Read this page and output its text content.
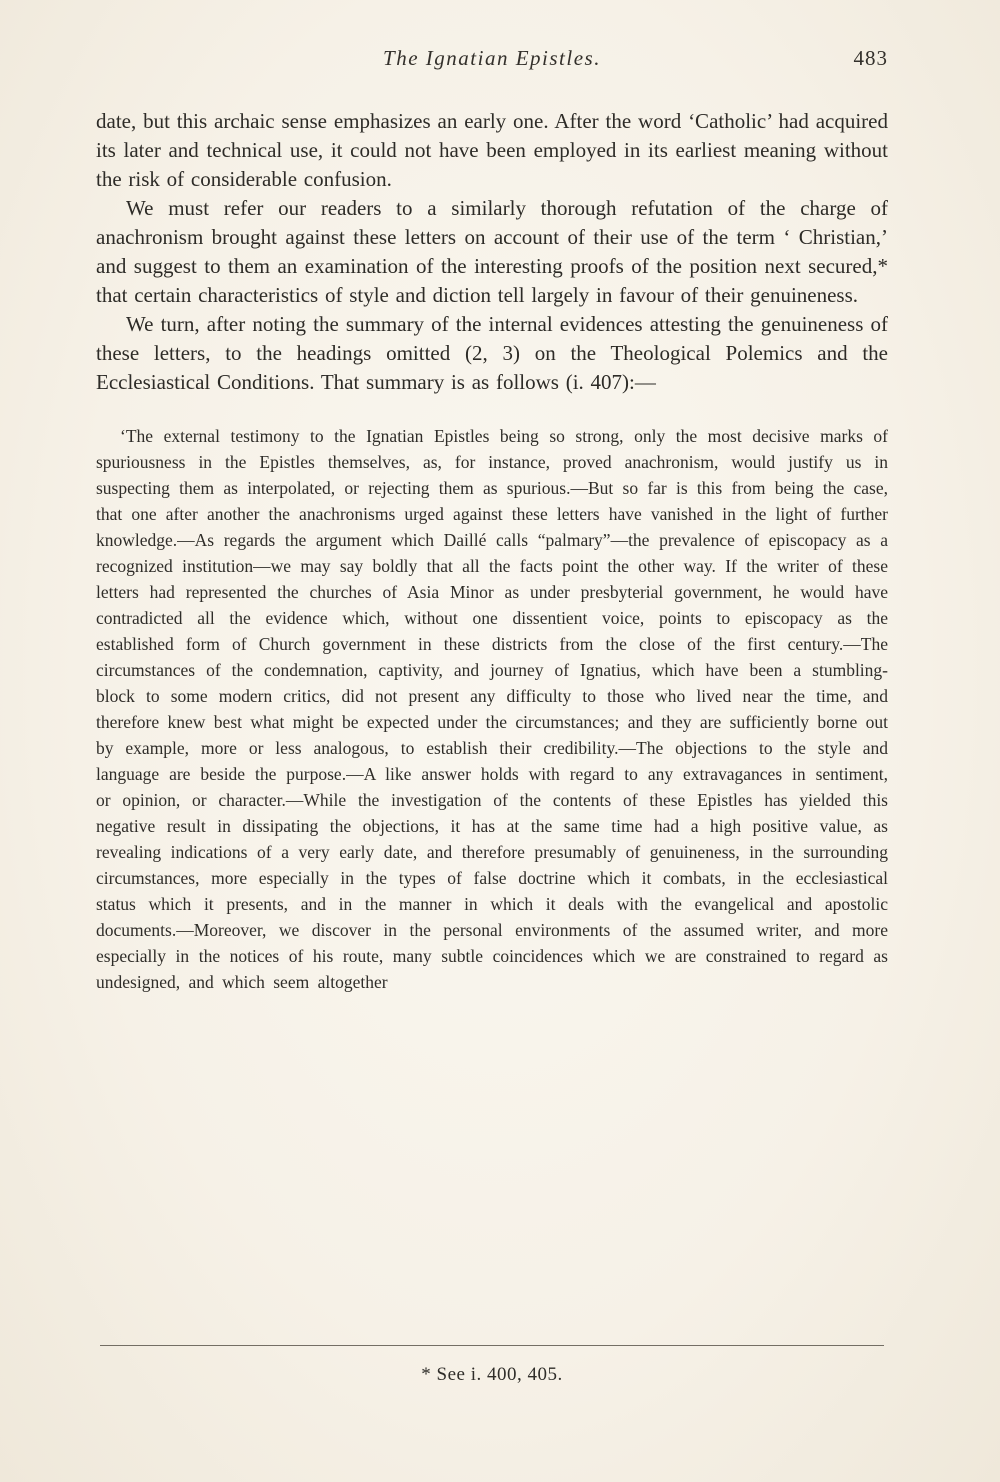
The Ignatian Epistles.	483

date, but this archaic sense emphasizes an early one. After the word ‘Catholic’ had acquired its later and technical use, it could not have been employed in its earliest meaning without the risk of considerable confusion.

We must refer our readers to a similarly thorough refutation of the charge of anachronism brought against these letters on account of their use of the term ‘ Christian,’ and suggest to them an examination of the interesting proofs of the position next secured,* that certain characteristics of style and diction tell largely in favour of their genuineness.

We turn, after noting the summary of the internal evidences attesting the genuineness of these letters, to the headings omitted (2, 3) on the Theological Polemics and the Ecclesiastical Conditions. That summary is as follows (i. 407):—

‘The external testimony to the Ignatian Epistles being so strong, only the most decisive marks of spuriousness in the Epistles themselves, as, for instance, proved anachronism, would justify us in suspecting them as interpolated, or rejecting them as spurious.—But so far is this from being the case, that one after another the anachronisms urged against these letters have vanished in the light of further knowledge.—As regards the argument which Daillé calls “palmary”—the prevalence of episcopacy as a recognized institution—we may say boldly that all the facts point the other way. If the writer of these letters had represented the churches of Asia Minor as under presbyterial government, he would have contradicted all the evidence which, without one dissentient voice, points to episcopacy as the established form of Church government in these districts from the close of the first century.—The circumstances of the condemnation, captivity, and journey of Ignatius, which have been a stumbling-block to some modern critics, did not present any difficulty to those who lived near the time, and therefore knew best what might be expected under the circumstances; and they are sufficiently borne out by example, more or less analogous, to establish their credibility.—The objections to the style and language are beside the purpose.—A like answer holds with regard to any extravagances in sentiment, or opinion, or character.—While the investigation of the contents of these Epistles has yielded this negative result in dissipating the objections, it has at the same time had a high positive value, as revealing indications of a very early date, and therefore presumably of genuineness, in the surrounding circumstances, more especially in the types of false doctrine which it combats, in the ecclesiastical status which it presents, and in the manner in which it deals with the evangelical and apostolic documents.—Moreover, we discover in the personal environments of the assumed writer, and more especially in the notices of his route, many subtle coincidences which we are constrained to regard as undesigned, and which seem altogether

* See i. 400, 405.
